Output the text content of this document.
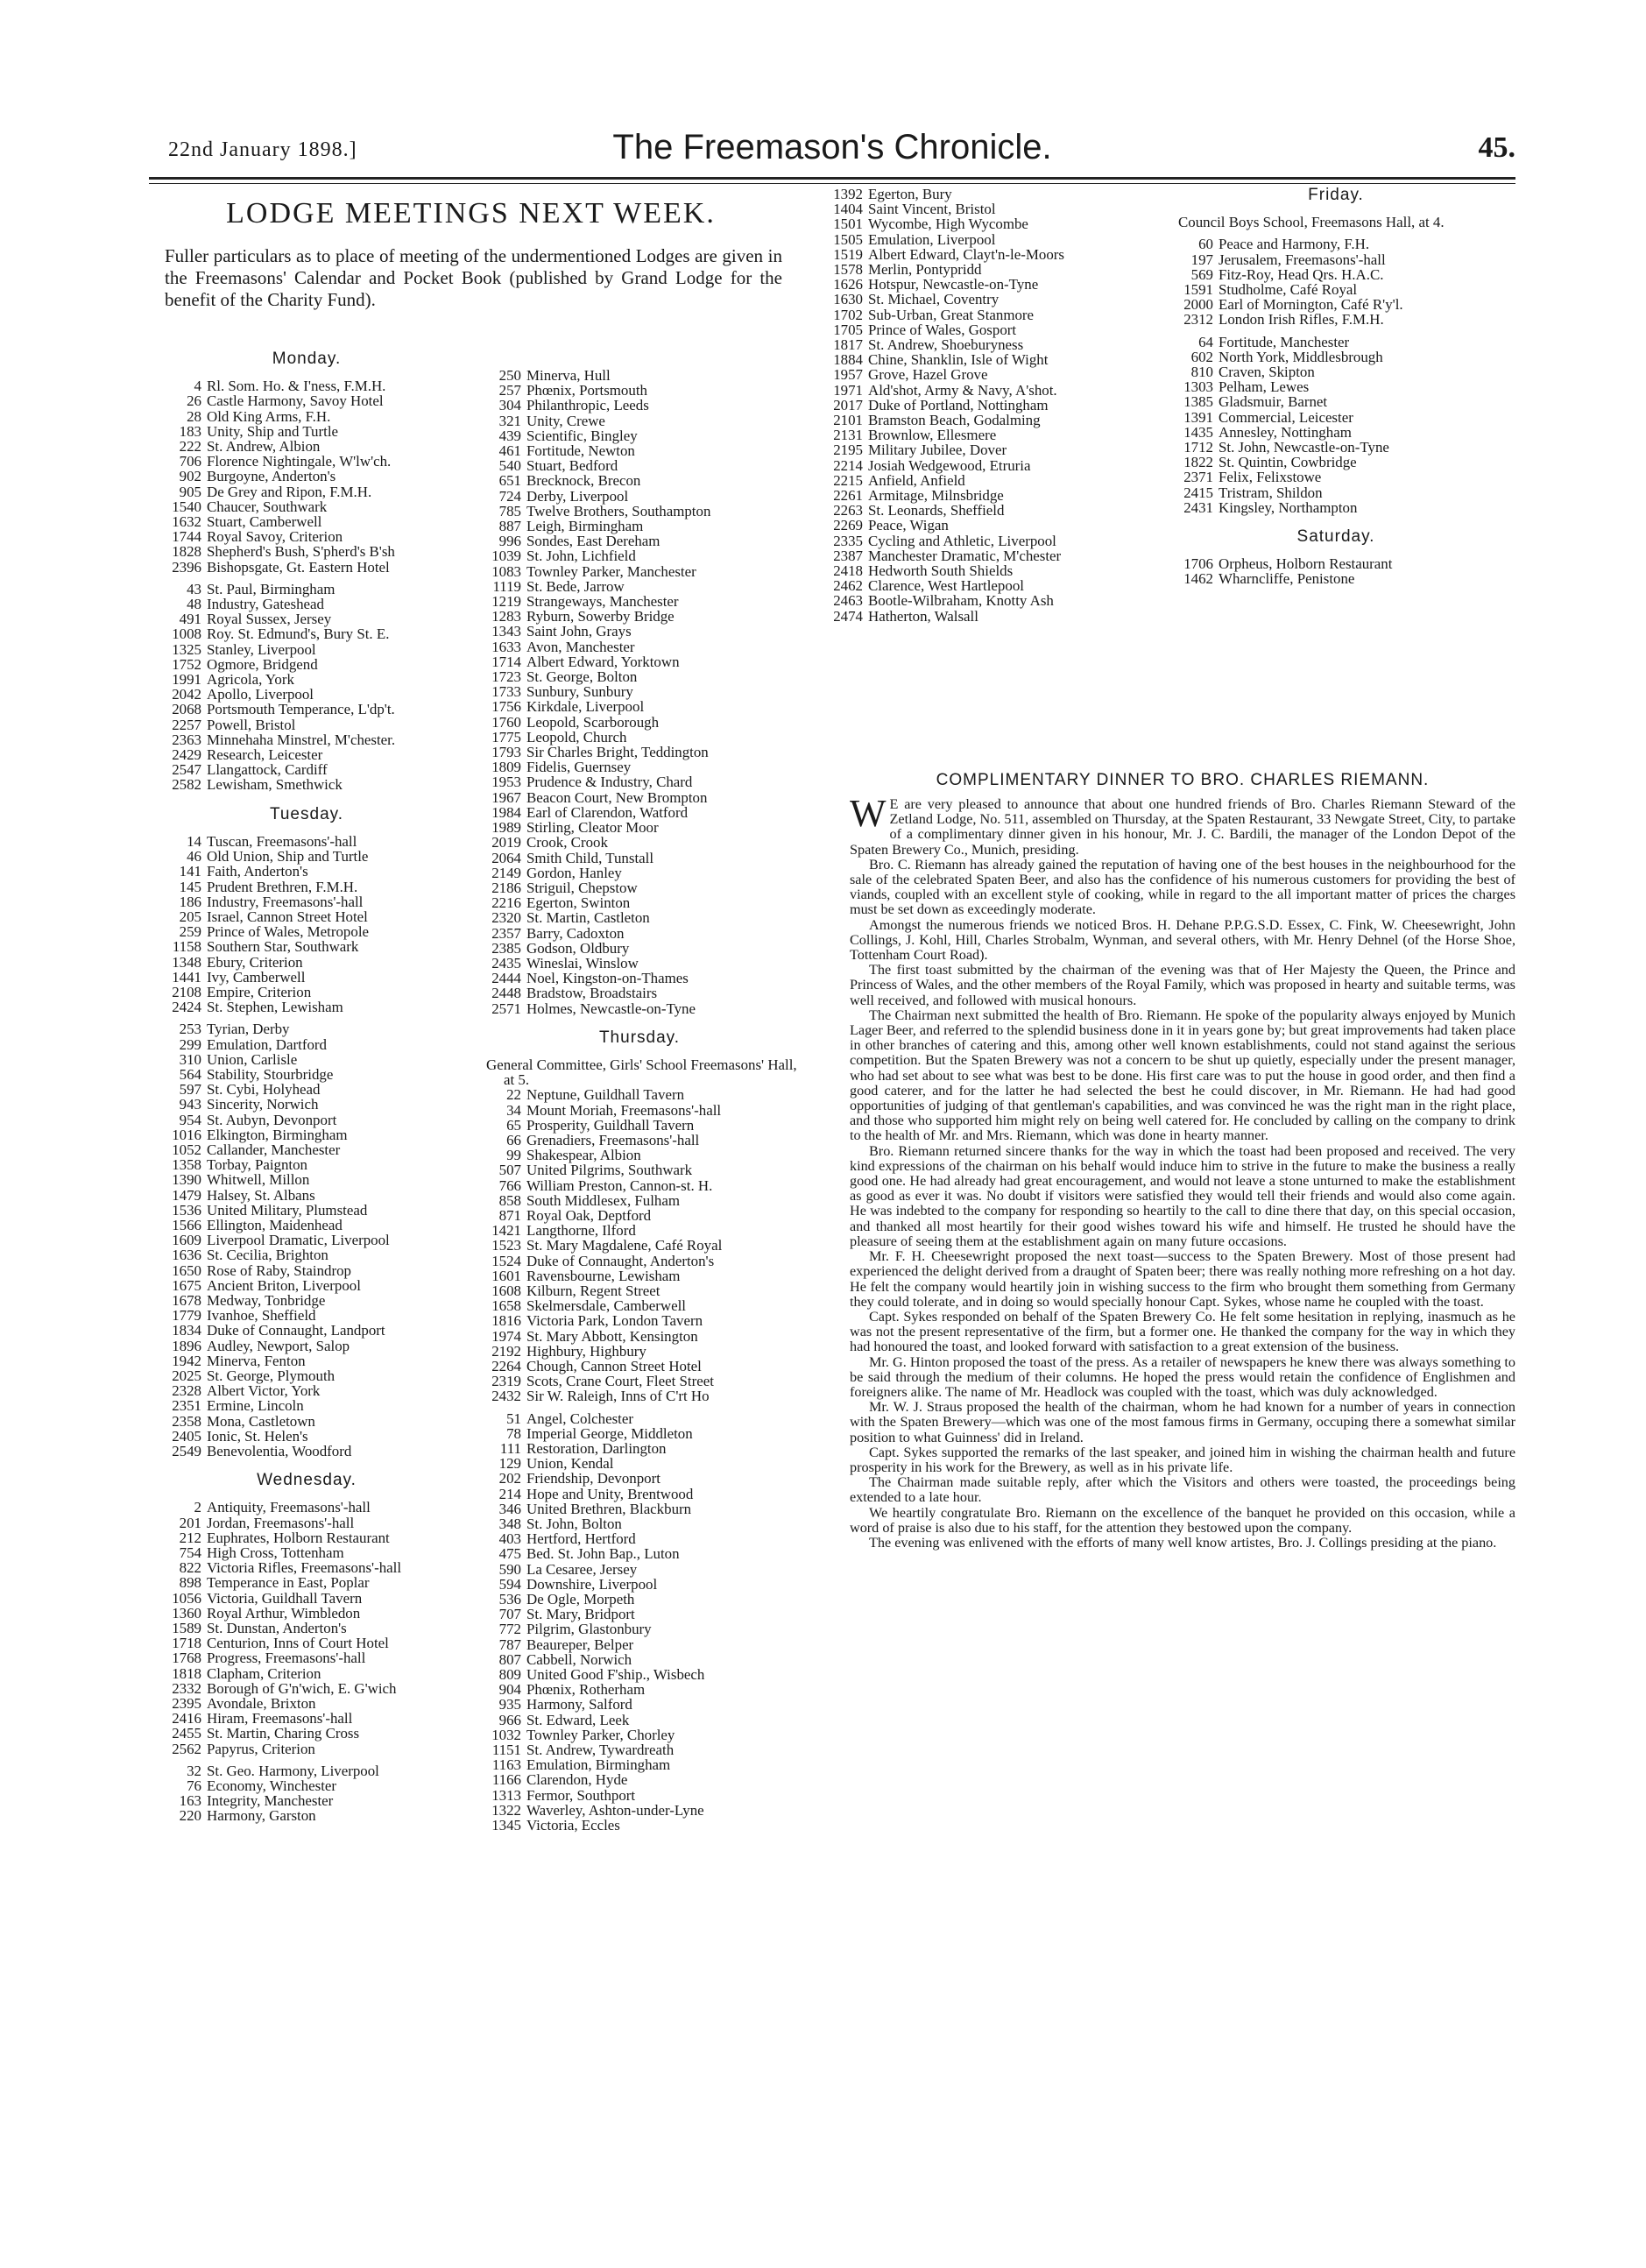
22nd January 1898.]	The Freemason's Chronicle.	45.
LODGE MEETINGS NEXT WEEK.
Fuller particulars as to place of meeting of the undermentioned Lodges are given in the Freemasons' Calendar and Pocket Book (published by Grand Lodge for the benefit of the Charity Fund).
Monday.
4 Rl. Som. Ho. & I'ness, F.M.H.
26 Castle Harmony, Savoy Hotel
28 Old King Arms, F.H.
183 Unity, Ship and Turtle
222 St. Andrew, Albion
706 Florence Nightingale, W'lw'ch.
902 Burgoyne, Anderton's
905 De Grey and Ripon, F.M.H.
1540 Chaucer, Southwark
1632 Stuart, Camberwell
1744 Royal Savoy, Criterion
1828 Shepherd's Bush, S'pherd's B'sh
2396 Bishopsgate, Gt. Eastern Hotel
43 St. Paul, Birmingham
48 Industry, Gateshead
491 Royal Sussex, Jersey
1008 Roy. St. Edmund's, Bury St. E.
1325 Stanley, Liverpool
1752 Ogmore, Bridgend
1991 Agricola, York
2042 Apollo, Liverpool
2068 Portsmouth Temperance, L'dp't.
2257 Powell, Bristol
2363 Minnehaha Minstrel, M'chester.
2429 Research, Leicester
2547 Llangattock, Cardiff
2582 Lewisham, Smethwick
Tuesday.
14 Tuscan, Freemasons'-hall
46 Old Union, Ship and Turtle
141 Faith, Anderton's
145 Prudent Brethren, F.M.H.
186 Industry, Freemasons'-hall
205 Israel, Cannon Street Hotel
259 Prince of Wales, Metropole
1158 Southern Star, Southwark
1348 Ebury, Criterion
1441 Ivy, Camberwell
2108 Empire, Criterion
2424 St. Stephen, Lewisham
253 Tyrian, Derby
299 Emulation, Dartford
310 Union, Carlisle
564 Stability, Stourbridge
597 St. Cybi, Holyhead
943 Sincerity, Norwich
954 St. Aubyn, Devonport
1016 Elkington, Birmingham
1052 Callander, Manchester
1358 Torbay, Paignton
1390 Whitwell, Millon
1479 Halsey, St. Albans
1536 United Military, Plumstead
1566 Ellington, Maidenhead
1609 Liverpool Dramatic, Liverpool
1636 St. Cecilia, Brighton
1650 Rose of Raby, Staindrop
1675 Ancient Briton, Liverpool
1678 Medway, Tonbridge
1779 Ivanhoe, Sheffield
1834 Duke of Connaught, Landport
1896 Audley, Newport, Salop
1942 Minerva, Fenton
2025 St. George, Plymouth
2328 Albert Victor, York
2351 Ermine, Lincoln
2358 Mona, Castletown
2405 Ionic, St. Helen's
2549 Benevolentia, Woodford
Wednesday.
2 Antiquity, Freemasons'-hall
201 Jordan, Freemasons'-hall
212 Euphrates, Holborn Restaurant
754 High Cross, Tottenham
822 Victoria Rifles, Freemasons'-hall
898 Temperance in East, Poplar
1056 Victoria, Guildhall Tavern
1360 Royal Arthur, Wimbledon
1589 St. Dunstan, Anderton's
1718 Centurion, Inns of Court Hotel
1768 Progress, Freemasons'-hall
1818 Clapham, Criterion
2332 Borough of G'n'wich, E. G'wich
2395 Avondale, Brixton
2416 Hiram, Freemasons'-hall
2455 St. Martin, Charing Cross
2562 Papyrus, Criterion
32 St. Geo. Harmony, Liverpool
76 Economy, Winchester
163 Integrity, Manchester
220 Harmony, Garston
250 Minerva, Hull
257 Phœnix, Portsmouth
304 Philanthropic, Leeds
321 Unity, Crewe
439 Scientific, Bingley
461 Fortitude, Newton
540 Stuart, Bedford
651 Brecknock, Brecon
724 Derby, Liverpool
785 Twelve Brothers, Southampton
887 Leigh, Birmingham
996 Sondes, East Dereham
1039 St. John, Lichfield
1083 Townley Parker, Manchester
1119 St. Bede, Jarrow
1219 Strangeways, Manchester
1283 Ryburn, Sowerby Bridge
1343 Saint John, Grays
1633 Avon, Manchester
1714 Albert Edward, Yorktown
1723 St. George, Bolton
1733 Sunbury, Sunbury
1756 Kirkdale, Liverpool
1760 Leopold, Scarborough
1775 Leopold, Church
1793 Sir Charles Bright, Teddington
1809 Fidelis, Guernsey
1953 Prudence & Industry, Chard
1967 Beacon Court, New Brompton
1984 Earl of Clarendon, Watford
1989 Stirling, Cleator Moor
2019 Crook, Crook
2064 Smith Child, Tunstall
2149 Gordon, Hanley
2186 Striguil, Chepstow
2216 Egerton, Swinton
2320 St. Martin, Castleton
2357 Barry, Cadoxton
2385 Godson, Oldbury
2435 Wineslai, Winslow
2444 Noel, Kingston-on-Thames
2448 Bradstow, Broadstairs
2571 Holmes, Newcastle-on-Tyne
Thursday.
General Committee, Girls' School Freemasons' Hall, at 5.
22 Neptune, Guildhall Tavern
34 Mount Moriah, Freemasons'-hall
65 Prosperity, Guildhall Tavern
66 Grenadiers, Freemasons'-hall
99 Shakespear, Albion
507 United Pilgrims, Southwark
766 William Preston, Cannon-st. H.
858 South Middlesex, Fulham
871 Royal Oak, Deptford
1421 Langthorne, Ilford
1523 St. Mary Magdalene, Café Royal
1524 Duke of Connaught, Anderton's
1601 Ravensbourne, Lewisham
1608 Kilburn, Regent Street
1658 Skelmersdale, Camberwell
1816 Victoria Park, London Tavern
1974 St. Mary Abbott, Kensington
2192 Highbury, Highbury
2264 Chough, Cannon Street Hotel
2319 Scots, Crane Court, Fleet Street
2432 Sir W. Raleigh, Inns of C'rt Ho
51 Angel, Colchester
78 Imperial George, Middleton
111 Restoration, Darlington
129 Union, Kendal
202 Friendship, Devonport
214 Hope and Unity, Brentwood
346 United Brethren, Blackburn
348 St. John, Bolton
403 Hertford, Hertford
475 Bed. St. John Bap., Luton
590 La Cesaree, Jersey
594 Downshire, Liverpool
536 De Ogle, Morpeth
707 St. Mary, Bridport
772 Pilgrim, Glastonbury
787 Beaureper, Belper
807 Cabbell, Norwich
809 United Good F'ship., Wisbech
904 Phœnix, Rotherham
935 Harmony, Salford
966 St. Edward, Leek
1032 Townley Parker, Chorley
1151 St. Andrew, Tywardreath
1163 Emulation, Birmingham
1166 Clarendon, Hyde
1313 Fermor, Southport
1322 Waverley, Ashton-under-Lyne
1345 Victoria, Eccles
1392 Egerton, Bury
1404 Saint Vincent, Bristol
1501 Wycombe, High Wycombe
1505 Emulation, Liverpool
1519 Albert Edward, Clayt'n-le-Moors
1578 Merlin, Pontypridd
1626 Hotspur, Newcastle-on-Tyne
1630 St. Michael, Coventry
1702 Sub-Urban, Great Stanmore
1705 Prince of Wales, Gosport
1817 St. Andrew, Shoeburyness
1884 Chine, Shanklin, Isle of Wight
1957 Grove, Hazel Grove
1971 Ald'shot, Army & Navy, A'shot.
2017 Duke of Portland, Nottingham
2101 Bramston Beach, Godalming
2131 Brownlow, Ellesmere
2195 Military Jubilee, Dover
2214 Josiah Wedgewood, Etruria
2215 Anfield, Anfield
2261 Armitage, Milnsbridge
2263 St. Leonards, Sheffield
2269 Peace, Wigan
2335 Cycling and Athletic, Liverpool
2387 Manchester Dramatic, M'chester
2418 Hedworth South Shields
2462 Clarence, West Hartlepool
2463 Bootle-Wilbraham, Knotty Ash
2474 Hatherton, Walsall
Friday.
Council Boys School, Freemasons Hall, at 4.
60 Peace and Harmony, F.H.
197 Jerusalem, Freemasons'-hall
569 Fitz-Roy, Head Qrs. H.A.C.
1591 Studholme, Café Royal
2000 Earl of Mornington, Café R'y'l.
2312 London Irish Rifles, F.M.H.
64 Fortitude, Manchester
602 North York, Middlesbrough
810 Craven, Skipton
1303 Pelham, Lewes
1385 Gladsmuir, Barnet
1391 Commercial, Leicester
1435 Annesley, Nottingham
1712 St. John, Newcastle-on-Tyne
1822 St. Quintin, Cowbridge
2371 Felix, Felixstowe
2415 Tristram, Shildon
2431 Kingsley, Northampton
Saturday.
1706 Orpheus, Holborn Restaurant
1462 Wharncliffe, Penistone
COMPLIMENTARY DINNER TO BRO. CHARLES RIEMANN.

W E are very pleased to announce that about one hundred friends of Bro. Charles Riemann Steward of the Zetland Lodge, No. 511, assembled on Thursday, at the Spaten Restaurant, 33 Newgate Street, City, to partake of a complimentary dinner given in his honour, Mr. J. C. Bardili, the manager of the London Depot of the Spaten Brewery Co., Munich, presiding.

Bro. C. Riemann has already gained the reputation of having one of the best houses in the neighbourhood for the sale of the celebrated Spaten Beer, and also has the confidence of his numerous customers for providing the best of viands, coupled with an excellent style of cooking, while in regard to the all important matter of prices the charges must be set down as exceedingly moderate.

Amongst the numerous friends we noticed Bros. H. Dehane P.P.G.S.D. Essex, C. Fink, W. Cheesewright, John Collings, J. Kohl, Hill, Charles Strobalm, Wynman, and several others, with Mr. Henry Dehnel (of the Horse Shoe, Tottenham Court Road).

The first toast submitted by the chairman of the evening was that of Her Majesty the Queen, the Prince and Princess of Wales, and the other members of the Royal Family, which was proposed in hearty and suitable terms, was well received, and followed with musical honours.

The Chairman next submitted the health of Bro. Riemann. He spoke of the popularity always enjoyed by Munich Lager Beer, and referred to the splendid business done in it in years gone by; but great improvements had taken place in other branches of catering and this, among other well known establishments, could not stand against the serious competition. But the Spaten Brewery was not a concern to be shut up quietly, especially under the present manager, who had set about to see what was best to be done. His first care was to put the house in good order, and then find a good caterer, and for the latter he had selected the best he could discover, in Mr. Riemann. He had had good opportunities of judging of that gentleman's capabilities, and was convinced he was the right man in the right place, and those who supported him might rely on being well catered for. He concluded by calling on the company to drink to the health of Mr. and Mrs. Riemann, which was done in hearty manner.

Bro. Riemann returned sincere thanks for the way in which the toast had been proposed and received. The very kind expressions of the chairman on his behalf would induce him to strive in the future to make the business a really good one. He had already had great encouragement, and would not leave a stone unturned to make the establishment as good as ever it was. No doubt if visitors were satisfied they would tell their friends and would also come again. He was indebted to the company for responding so heartily to the call to dine there that day, on this special occasion, and thanked all most heartily for their good wishes toward his wife and himself. He trusted he should have the pleasure of seeing them at the establishment again on many future occasions.

Mr. F. H. Cheesewright proposed the next toast—success to the Spaten Brewery. Most of those present had experienced the delight derived from a draught of Spaten beer; there was really nothing more refreshing on a hot day. He felt the company would heartily join in wishing success to the firm who brought them something from Germany they could tolerate, and in doing so would specially honour Capt. Sykes, whose name he coupled with the toast.

Capt. Sykes responded on behalf of the Spaten Brewery Co. He felt some hesitation in replying, inasmuch as he was not the present representative of the firm, but a former one. He thanked the company for the way in which they had honoured the toast, and looked forward with satisfaction to a great extension of the business.

Mr. G. Hinton proposed the toast of the press. As a retailer of newspapers he knew there was always something to be said through the medium of their columns. He hoped the press would retain the confidence of Englishmen and foreigners alike. The name of Mr. Headlock was coupled with the toast, which was duly acknowledged.

Mr. W. J. Straus proposed the health of the chairman, whom he had known for a number of years in connection with the Spaten Brewery—which was one of the most famous firms in Germany, occuping there a somewhat similar position to what Guinness' did in Ireland.

Capt. Sykes supported the remarks of the last speaker, and joined him in wishing the chairman health and future prosperity in his work for the Brewery, as well as in his private life.

The Chairman made suitable reply, after which the Visitors and others were toasted, the proceedings being extended to a late hour.

We heartily congratulate Bro. Riemann on the excellence of the banquet he provided on this occasion, while a word of praise is also due to his staff, for the attention they bestowed upon the company.

The evening was enlivened with the efforts of many well know artistes, Bro. J. Collings presiding at the piano.
